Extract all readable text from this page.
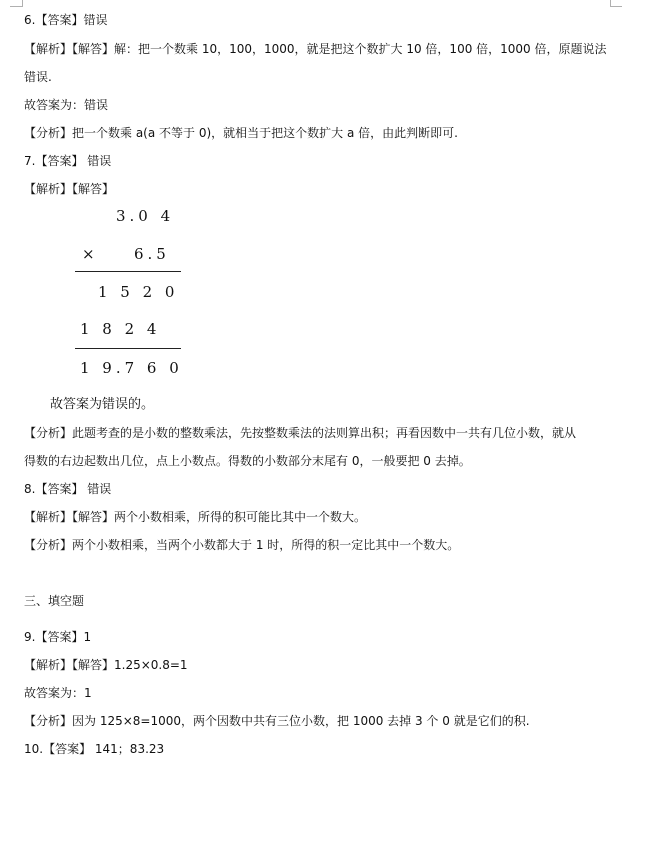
6.【答案】错误
【解析】【解答】解：把一个数乘 10，100，1000，就是把这个数扩大 10 倍，100 倍，1000 倍，原题说法
错误.
故答案为：错误
【分析】把一个数乘 a(a 不等于 0)，就相当于把这个数扩大 a 倍，由此判断即可.
7.【答案】 错误
【解析】【解答】
3.0 4
× 6.5
1 5 2 0
1 8 2 4
1 9.7 6 0
故答案为错误的。
【分析】此题考查的是小数的整数乘法，先按整数乘法的法则算出积；再看因数中一共有几位小数，就从
得数的右边起数出几位，点上小数点。得数的小数部分末尾有 0，一般要把 0 去掉。
8.【答案】 错误
【解析】【解答】两个小数相乘，所得的积可能比其中一个数大。
【分析】两个小数相乘，当两个小数都大于 1 时，所得的积一定比其中一个数大。
三、填空题
9.【答案】1
【解析】【解答】1.25×0.8=1
故答案为：1
【分析】因为 125×8=1000，两个因数中共有三位小数，把 1000 去掉 3 个 0 就是它们的积.
10.【答案】 141；83.23
